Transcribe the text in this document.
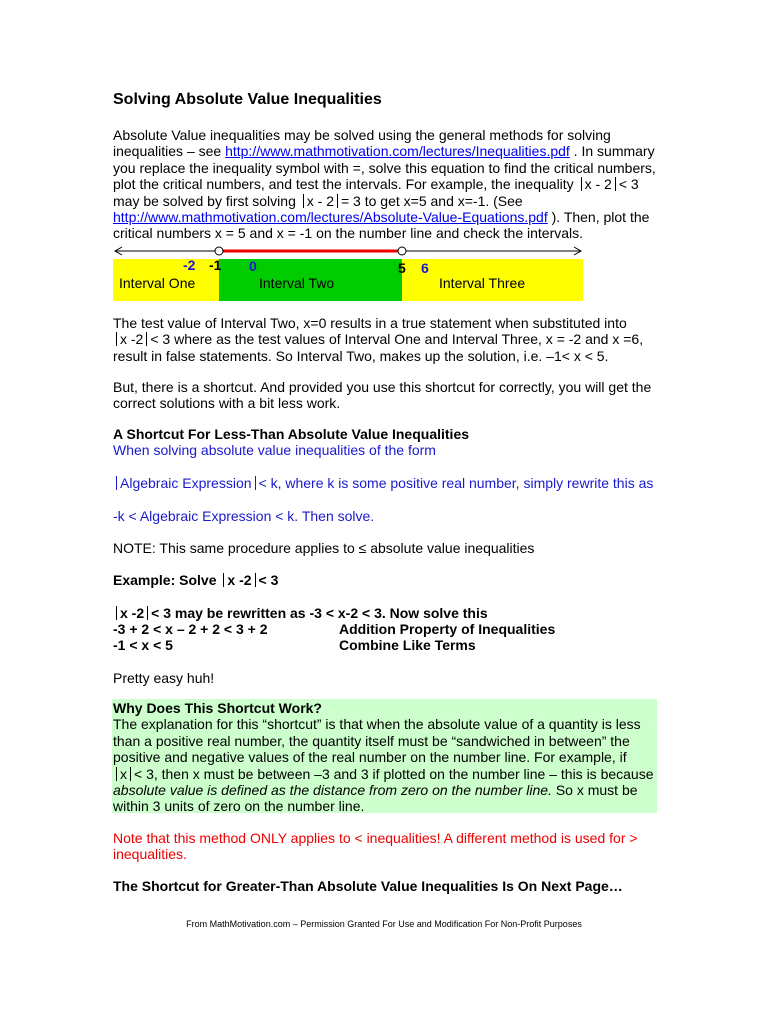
Solving Absolute Value Inequalities
Absolute Value inequalities may be solved using the general methods for solving
inequalities – see http://www.mathmotivation.com/lectures/Inequalities.pdf . In summary
you replace the inequality symbol with =, solve this equation to find the critical numbers,
plot the critical numbers, and test the intervals. For example, the inequality x - 2 < 3
may be solved by first solving x - 2 = 3 to get x=5 and x=-1. (See
http://www.mathmotivation.com/lectures/Absolute-Value-Equations.pdf ). Then, plot the
critical numbers x = 5 and x = -1 on the number line and check the intervals.
-2 -1 0	5 6
Interval One	Interval Two	Interval Three
The test value of Interval Two, x=0 results in a true statement when substituted into
x -2 < 3 where as the test values of Interval One and Interval Three, x = -2 and x =6,
result in false statements. So Interval Two, makes up the solution, i.e. –1< x < 5.
But, there is a shortcut. And provided you use this shortcut for correctly, you will get the
correct solutions with a bit less work.
A Shortcut For Less-Than Absolute Value Inequalities
When solving absolute value inequalities of the form
Algebraic Expression < k, where k is some positive real number, simply rewrite this as
-k < Algebraic Expression < k. Then solve.
NOTE: This same procedure applies to ≤ absolute value inequalities
Example: Solve x -2 < 3
x -2 < 3 may be rewritten as -3 < x-2 < 3. Now solve this
-3 + 2 < x – 2 + 2 < 3 + 2	Addition Property of Inequalities
-1 < x < 5	Combine Like Terms
Pretty easy huh!
Why Does This Shortcut Work?
The explanation for this “shortcut” is that when the absolute value of a quantity is less
than a positive real number, the quantity itself must be “sandwiched in between” the
positive and negative values of the real number on the number line. For example, if
x < 3, then x must be between –3 and 3 if plotted on the number line – this is because
absolute value is defined as the distance from zero on the number line. So x must be
within 3 units of zero on the number line.
Note that this method ONLY applies to < inequalities! A different method is used for >
inequalities.
The Shortcut for Greater-Than Absolute Value Inequalities Is On Next Page…
From MathMotivation.com – Permission Granted For Use and Modification For Non-Profit Purposes
